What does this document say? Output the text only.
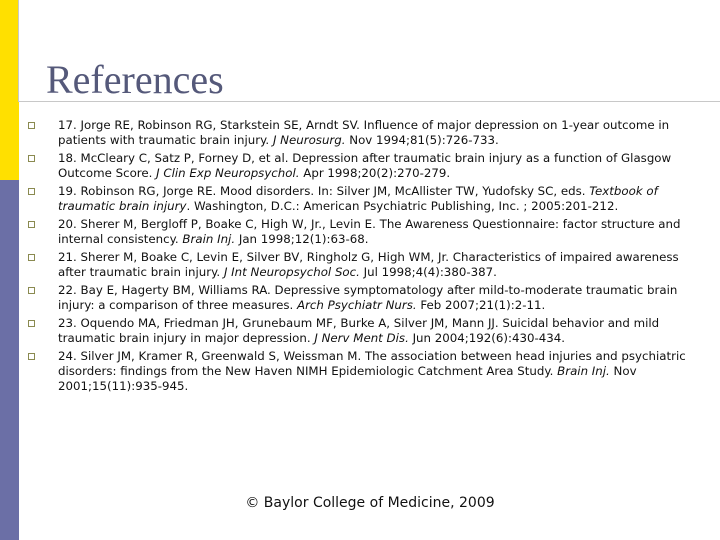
References
17. Jorge RE, Robinson RG, Starkstein SE, Arndt SV. Influence of major depression on 1-year outcome in patients with traumatic brain injury. J Neurosurg. Nov 1994;81(5):726-733.
18. McCleary C, Satz P, Forney D, et al. Depression after traumatic brain injury as a function of Glasgow Outcome Score. J Clin Exp Neuropsychol. Apr 1998;20(2):270-279.
19. Robinson RG, Jorge RE. Mood disorders. In: Silver JM, McAllister TW, Yudofsky SC, eds. Textbook of traumatic brain injury. Washington, D.C.: American Psychiatric Publishing, Inc. ; 2005:201-212.
20. Sherer M, Bergloff P, Boake C, High W, Jr., Levin E. The Awareness Questionnaire: factor structure and internal consistency. Brain Inj. Jan 1998;12(1):63-68.
21. Sherer M, Boake C, Levin E, Silver BV, Ringholz G, High WM, Jr. Characteristics of impaired awareness after traumatic brain injury. J Int Neuropsychol Soc. Jul 1998;4(4):380-387.
22. Bay E, Hagerty BM, Williams RA. Depressive symptomatology after mild-to-moderate traumatic brain injury: a comparison of three measures. Arch Psychiatr Nurs. Feb 2007;21(1):2-11.
23. Oquendo MA, Friedman JH, Grunebaum MF, Burke A, Silver JM, Mann JJ. Suicidal behavior and mild traumatic brain injury in major depression. J Nerv Ment Dis. Jun 2004;192(6):430-434.
24. Silver JM, Kramer R, Greenwald S, Weissman M. The association between head injuries and psychiatric disorders: findings from the New Haven NIMH Epidemiologic Catchment Area Study. Brain Inj. Nov 2001;15(11):935-945.
© Baylor College of Medicine, 2009
